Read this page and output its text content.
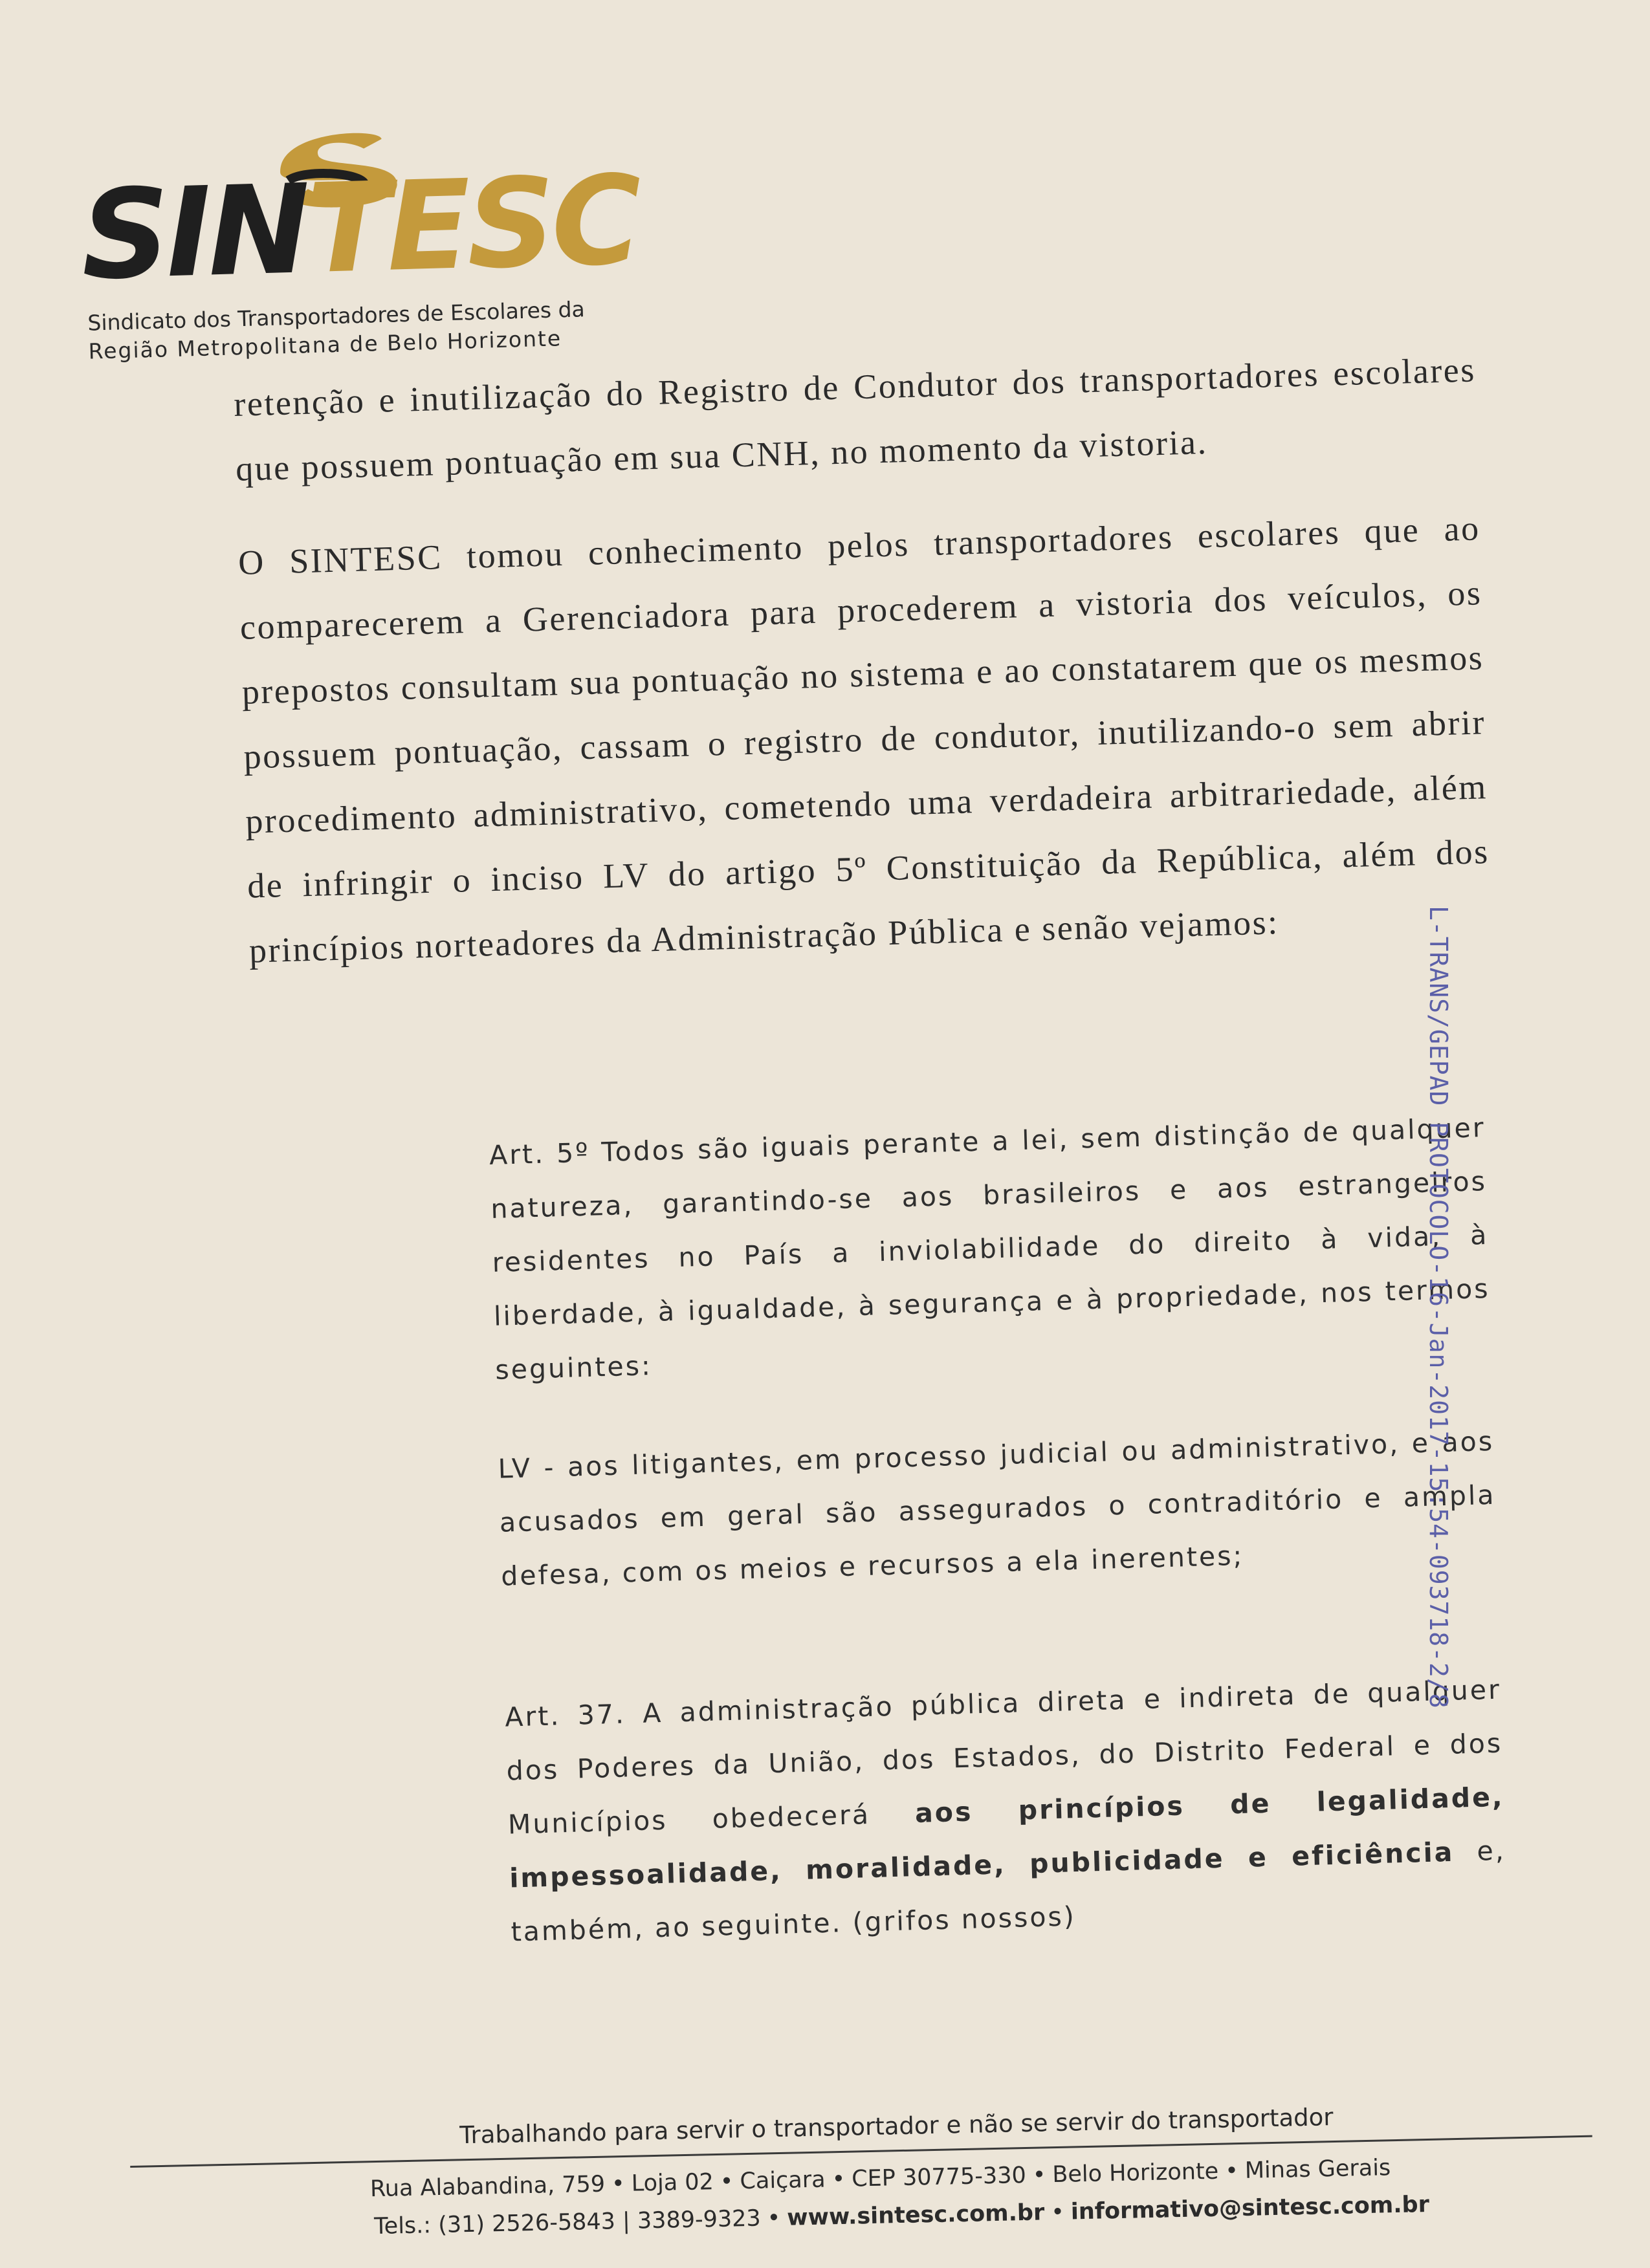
SINTESC
Sindicato dos Transportadores de Escolares da
Região Metropolitana de Belo Horizonte

retenção e inutilização do Registro de Condutor dos transportadores escolares que possuem pontuação em sua CNH, no momento da vistoria.

O SINTESC tomou conhecimento pelos transportadores escolares que ao comparecerem a Gerenciadora para procederem a vistoria dos veículos, os prepostos consultam sua pontuação no sistema e ao constatarem que os mesmos possuem pontuação, cassam o registro de condutor, inutilizando-o sem abrir procedimento administrativo, cometendo uma verdadeira arbitrariedade, além de infringir o inciso LV do artigo 5º Constituição da República, além dos princípios norteadores da Administração Pública e senão vejamos:

Art. 5º Todos são iguais perante a lei, sem distinção de qualquer natureza, garantindo-se aos brasileiros e aos estrangeiros residentes no País a inviolabilidade do direito à vida, à liberdade, à igualdade, à segurança e à propriedade, nos termos seguintes:

LV - aos litigantes, em processo judicial ou administrativo, e aos acusados em geral são assegurados o contraditório e ampla defesa, com os meios e recursos a ela inerentes;

Art. 37. A administração pública direta e indireta de qualquer dos Poderes da União, dos Estados, do Distrito Federal e dos Municípios obedecerá aos princípios de legalidade, impessoalidade, moralidade, publicidade e eficiência e, também, ao seguinte. (grifos nossos)

L-TRANS/GEPAD PROTOCOLO-16-Jan-2017-15:54-093718-2/8
Trabalhando para servir o transportador e não se servir do transportador
Rua Alabandina, 759 • Loja 02 • Caiçara • CEP 30775-330 • Belo Horizonte • Minas Gerais
Tels.: (31) 2526-5843 | 3389-9323 • www.sintesc.com.br • informativo@sintesc.com.br
